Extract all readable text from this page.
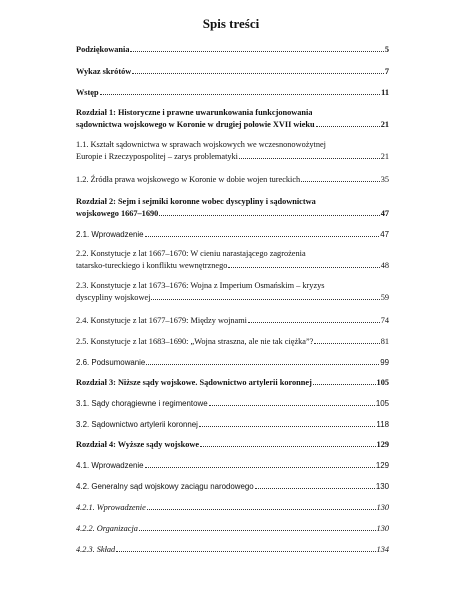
Spis treści
Podziękowania	5
Wykaz skrótów	7
Wstęp	11
Rozdział 1: Historyczne i prawne uwarunkowania funkcjonowania
sądownictwa wojskowego w Koronie w drugiej połowie XVII wieku	21
1.1. Kształt sądownictwa w sprawach wojskowych we wczesnonowożytnej
Europie i Rzeczypospolitej – zarys problematyki	21
1.2. Źródła prawa wojskowego w Koronie w dobie wojen tureckich	35
Rozdział 2: Sejm i sejmiki koronne wobec dyscypliny i sądownictwa
wojskowego 1667–1690	47
2.1. Wprowadzenie	47
2.2. Konstytucje z lat 1667–1670: W cieniu narastającego zagrożenia
tatarsko-tureckiego i konfliktu wewnętrznego	48
2.3. Konstytucje z lat 1673–1676: Wojna z Imperium Osmańskim – kryzys
dyscypliny wojskowej	59
2.4. Konstytucje z lat 1677–1679: Między wojnami	74
2.5. Konstytucje z lat 1683–1690: „Wojna straszna, ale nie tak ciężka”?	81
2.6. Podsumowanie	99
Rozdział 3: Niższe sądy wojskowe. Sądownictwo artylerii koronnej	105
3.1. Sądy chorągiewne i regimentowe	105
3.2. Sądownictwo artylerii koronnej	118
Rozdział 4: Wyższe sądy wojskowe	129
4.1. Wprowadzenie	129
4.2. Generalny sąd wojskowy zaciągu narodowego	130
4.2.1. Wprowadzenie	130
4.2.2. Organizacja	130
4.2.3. Skład	134
